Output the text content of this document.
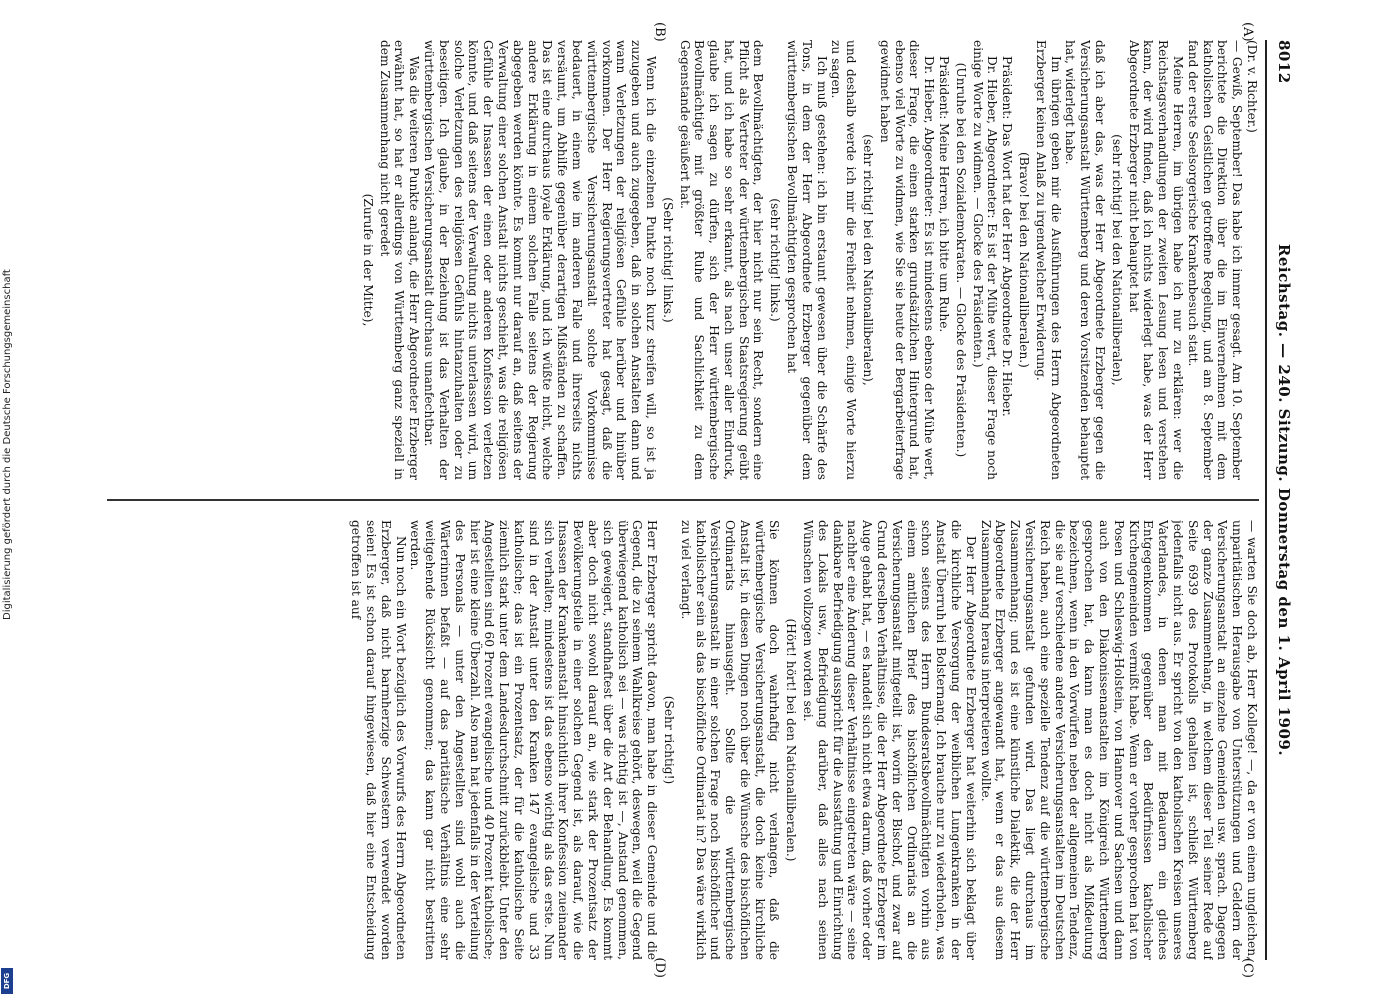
8012
Reichstag. — 240. Sitzung. Donnerstag den 1. April 1909.
(A)
(B)
(C)
(D)

(Dr. v. Richter.)

— Gewiß, September! Das habe ich immer gesagt. Am 10. September berichtete die Direktion über die im Einvernehmen mit dem katholischen Geistlichen getroffene Regelung, und am 8. September fand der erste Seelsorgerische Krankenbesuch statt.

Meine Herren, im übrigen habe ich nur zu erklären: wer die Reichstagsverhandlungen der zweiten Lesung lesen und verstehen kann, der wird finden, daß ich nichts widerlegt habe, was der Herr Abgeordnete Erzberger nicht behauptet hat

(sehr richtig! bei den Nationalliberalen),

daß ich aber das, was der Herr Abgeordnete Erzberger gegen die Versicherungsanstalt Württemberg und deren Vorsitzenden behauptet hat, widerlegt habe.

Im übrigen geben mir die Ausführungen des Herrn Abgeordneten Erzberger keinen Anlaß zu irgendwelcher Erwiderung.

(Bravo! bei den Nationalliberalen.)

Präsident: Das Wort hat der Herr Abgeordnete Dr. Hieber.

Dr. Hieber, Abgeordneter: Es ist der Mühe wert, dieser Frage noch einige Worte zu widmen. — Glocke des Präsidenten.)

(Unruhe bei den Sozialdemokraten. — Glocke des Präsidenten.)

Präsident: Meine Herren, ich bitte um Ruhe.

Dr. Hieber, Abgeordneter: Es ist mindestens ebenso der Mühe wert, dieser Frage, die einen starken grundsätzlichen Hintergrund hat, ebenso viel Worte zu widmen, wie Sie sie heute der Bergarbeiterfrage gewidmet haben

(sehr richtig! bei den Nationalliberalen),

und deshalb werde ich mir die Freiheit nehmen, einige Worte hierzu zu sagen.

Ich muß gestehen: ich bin erstaunt gewesen über die Schärfe des Tons, in dem der Herr Abgeordnete Erzberger gegenüber dem württembergischen Bevollmächtigten gesprochen hat

(sehr richtig! links.)

dem Bevollmächtigten, der hier nicht nur sein Recht, sondern eine Pflicht als Vertreter der württembergischen Staatsregierung geübt hat, und ich habe so sehr erkannt, als nach unser aller Eindruck, glaube ich sagen zu dürfen, sich der Herr württembergische Bevollmächtigte mit größter Ruhe und Sachlichkeit zu dem Gegenstande geäußert hat.

(Sehr richtig! links.)

Wenn ich die einzelnen Punkte noch kurz streifen will, so ist ja zuzugeben und auch zugegeben, daß in solchen Anstalten dann und wann Verletzungen der religiösen Gefühle herüber und hinüber vorkommen. Der Herr Regierungsvertreter hat gesagt, daß die württembergische Versicherungsanstalt solche Vorkommnisse bedauert, in einem wie im anderen Falle und ihrerseits nichts versäumt, um Abhilfe gegenüber derartigen Mißständen zu schaffen. Das ist eine durchaus loyale Erklärung, und ich wüßte nicht, welche andere Erklärung in einem solchen Falle seitens der Regierung abgegeben werden könnte. Es kommt nur darauf an, daß seitens der Verwaltung einer solchen Anstalt nichts geschieht, was die religiösen Gefühle der Insassen der einen oder anderen Konfession verletzen könnte, und daß seitens der Verwaltung nichts unterlassen wird, um solche Verletzungen des religiösen Gefühls hintanzuhalten oder zu beseitigen. Ich glaube, in der Beziehung ist das Verhalten der württembergischen Versicherungsanstalt durchaus unanfechtbar.

Was die weiteren Punkte anlangt, die Herr Abgeordneter Erzberger erwähnt hat, so hat er allerdings von Württemberg ganz speziell in dem Zusammenhang nicht geredet

(Zurufe in der Mitte),

— warten Sie doch ab, Herr Kollege! —, da er von einem ungleichen, unparitätischen Herausgabe von Unterstützungen und Geldern der Versicherungsanstalt an einzelne Gemeinden usw. sprach. Dagegen der ganze Zusammenhang, in welchem dieser Teil seiner Rede auf Seite 6939 des Protokolls gehalten ist, schließt Württemberg jedenfalls nicht aus. Er spricht von den katholischen Kreisen unseres Vaterlandes, in denen man mit Bedauern ein gleiches Entgegenkommen gegenüber den Bedürfnissen katholischer Kirchengemeinden vermißt habe. Wenn er vorher gesprochen hat von Posen und Schleswig-Holstein, von Hannover und Sachsen und dann auch von den Diakonissenanstalten im Königreich Württemberg gesprochen hat, da kann man es doch nicht als Mißdeutung bezeichnen, wenn in den Vorwürfen neben der allgemeinen Tendenz, die sie auf verschiedene andere Versicherungsanstalten im Deutschen Reich haben, auch eine spezielle Tendenz auf die württembergische Versicherungsanstalt gefunden wird. Das liegt durchaus im Zusammenhang; und es ist eine künstliche Dialektik, die der Herr Abgeordnete Erzberger angewandt hat, wenn er das aus diesem Zusammenhang heraus interpretieren wollte.

Der Herr Abgeordnete Erzberger hat weiterhin sich beklagt über die kirchliche Versorgung der weiblichen Lungenkranken in der Anstalt Überruh bei Bolsternang. Ich brauche nur zu wiederholen, was schon seitens des Herrn Bundesratsbevollmächtigten vorhin aus einem amtlichen Brief des bischöflichen Ordinariats an die Versicherungsanstalt mitgeteilt ist, worin der Bischof, und zwar auf Grund derselben Verhältnisse, die der Herr Abgeordnete Erzberger im Auge gehabt hat, — es handelt sich nicht etwa darum, daß vorher oder nachher eine Änderung dieser Verhältnisse eingetreten wäre — seine dankbare Befriedigung ausspricht für die Ausstattung und Einrichtung des Lokals usw., Befriedigung darüber, daß alles nach seinen Wünschen vollzogen worden sei.

(Hört! hört! bei den Nationalliberalen.)

Sie können doch wahrhaftig nicht verlangen, daß die württembergische Versicherungsanstalt, die doch keine kirchliche Anstalt ist, in diesen Dingen noch über die Wünsche des bischöflichen Ordinariats hinausgeht. Sollte die württembergische Versicherungsanstalt in einer solchen Frage noch bischöflicher und katholischer sein als das bischöfliche Ordinariat in? Das wäre wirklich zu viel verlangt.

(Sehr richtig!)

Herr Erzberger spricht davon, man habe in dieser Gemeinde und die Gegend, die zu seinem Wahlkreise gehört, deswegen, weil die Gegend überwiegend katholisch sei — was richtig ist —, Anstand genommen, sich geweigert, standhaftest über die Art der Behandlung. Es kommt aber doch nicht sowohl darauf an, wie stark der Prozentsatz der Bevölkerungsteile in einer solchen Gegend ist, als darauf, wie die Insassen der Krankenanstalt hinsichtlich ihrer Konfession zueinander sich verhalten; mindestens ist das ebenso wichtig als das erste. Nun sind in der Anstalt unter den Kranken 147 evangelische und 33 katholische; das ist ein Prozentsatz, der für die katholische Seite ziemlich stark unter dem Landesdurchschnitt zurückbleibt. Unter den Angestellten sind 60 Prozent evangelische und 40 Prozent katholische; hier ist eine kleine Überzahl. Also man hat jedenfalls in der Verteilung des Personals — unter den Angestellten sind wohl auch die Wärterinnen befaßt — auf das paritätische Verhältnis eine sehr weitgehende Rücksicht genommen; das kann gar nicht bestritten werden.

Nun noch ein Wort bezüglich des Vorwurfs des Herrn Abgeordneten Erzberger, daß nicht barmherzige Schwestern verwendet worden seien! Es ist schon darauf hingewiesen, daß hier eine Entscheidung getroffen ist auf

Digitalisierung gefördert durch die Deutsche Forschungsgemeinschaft
DFG
